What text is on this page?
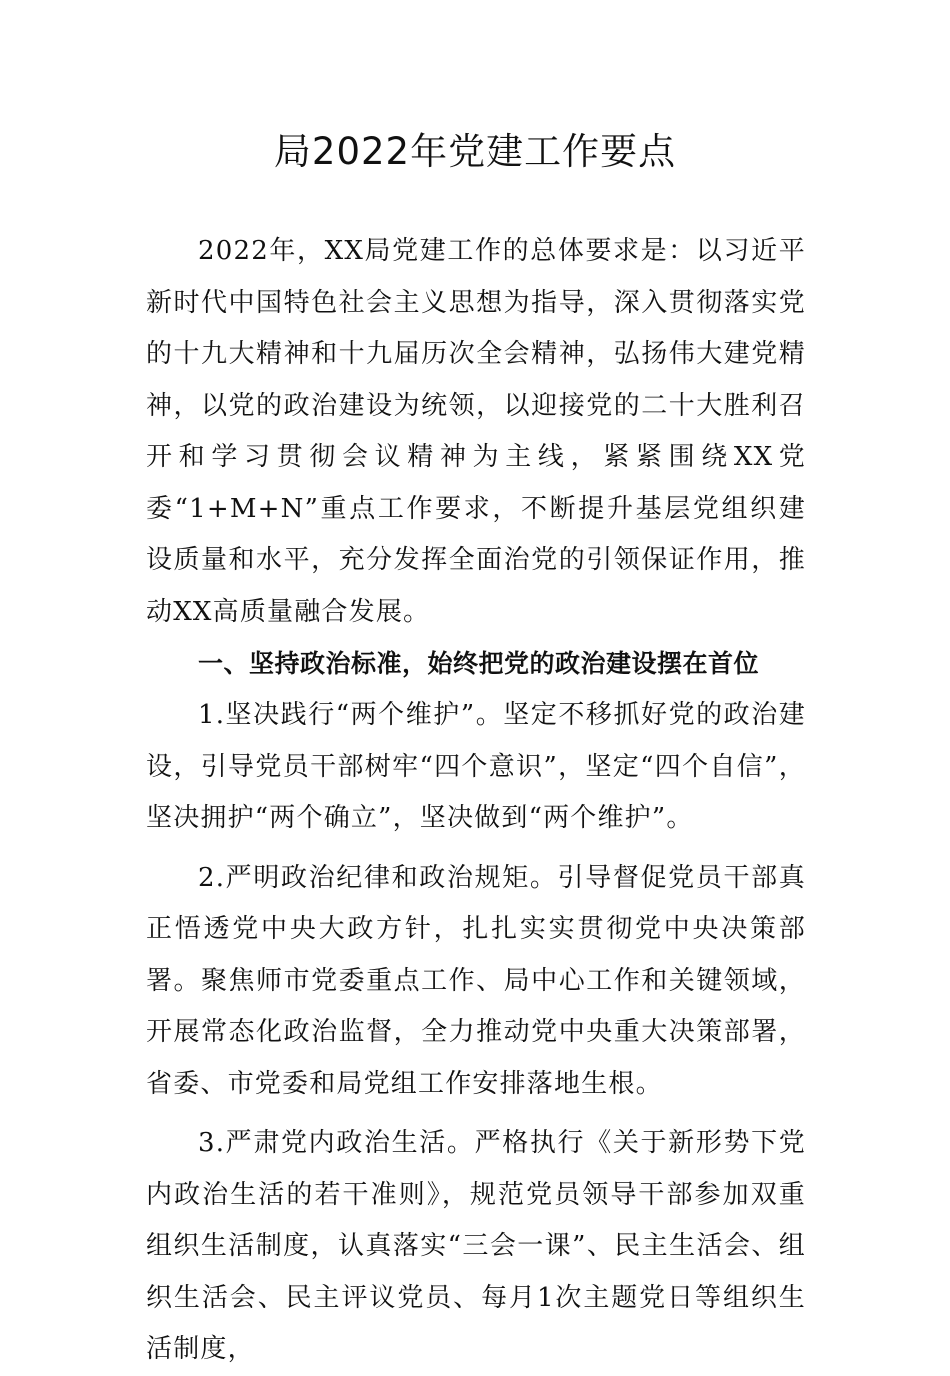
局2022年党建工作要点

2022年，XX局党建工作的总体要求是：以习近平新时代中国特色社会主义思想为指导，深入贯彻落实党的十九大精神和十九届历次全会精神，弘扬伟大建党精神，以党的政治建设为统领，以迎接党的二十大胜利召开和学习贯彻会议精神为主线，紧紧围绕XX党委“1+M+N”重点工作要求，不断提升基层党组织建设质量和水平，充分发挥全面治党的引领保证作用，推动XX高质量融合发展。

一、坚持政治标准，始终把党的政治建设摆在首位

1.坚决践行“两个维护”。坚定不移抓好党的政治建设，引导党员干部树牢“四个意识”，坚定“四个自信”，坚决拥护“两个确立”，坚决做到“两个维护”。

2.严明政治纪律和政治规矩。引导督促党员干部真正悟透党中央大政方针，扎扎实实贯彻党中央决策部署。聚焦师市党委重点工作、局中心工作和关键领域，开展常态化政治监督，全力推动党中央重大决策部署，省委、市党委和局党组工作安排落地生根。

3.严肃党内政治生活。严格执行《关于新形势下党内政治生活的若干准则》，规范党员领导干部参加双重组织生活制度，认真落实“三会一课”、民主生活会、组织生活会、民主评议党员、每月1次主题党日等组织生活制度，
